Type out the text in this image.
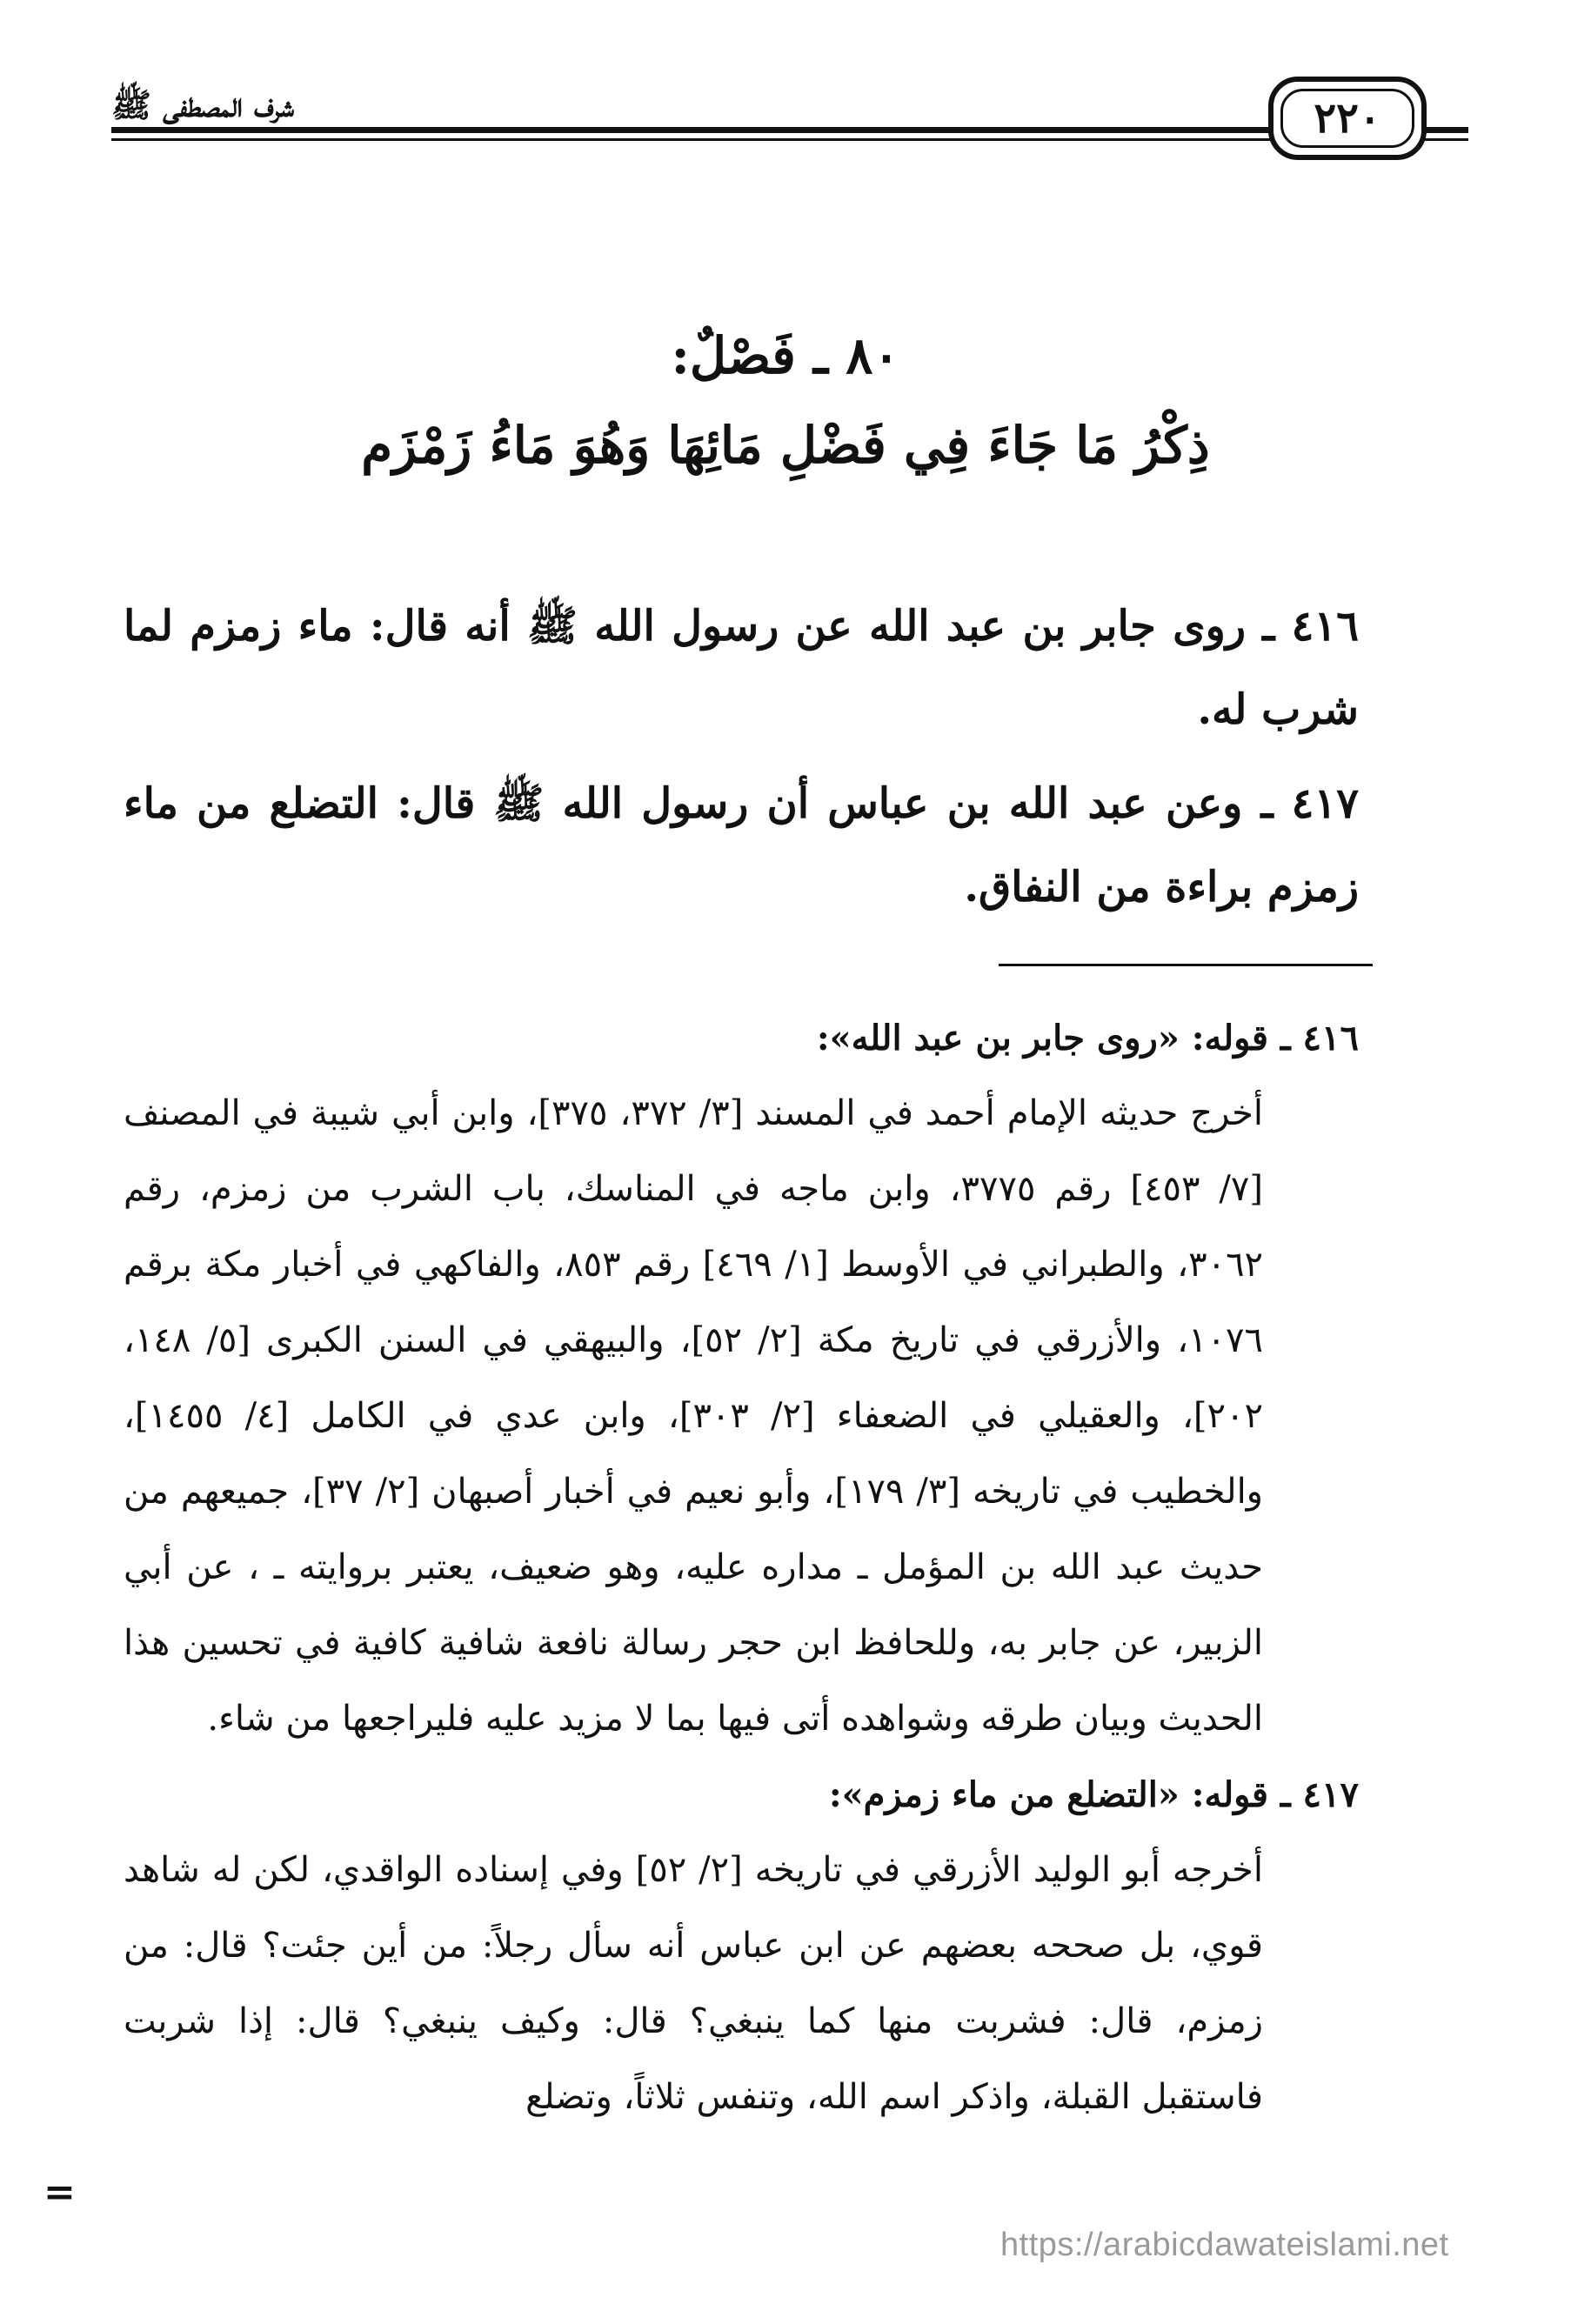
شرف المصطفى ﷺ	٢٢٠
٨٠ ـ فَصْلٌ:
ذِكْرُ مَا جَاءَ فِي فَضْلِ مَائِهَا وَهُوَ مَاءُ زَمْزَم

٤١٦ ـ روى جابر بن عبد الله عن رسول الله ﷺ أنه قال: ماء زمزم لما شرب له.

٤١٧ ـ وعن عبد الله بن عباس أن رسول الله ﷺ قال: التضلع من ماء زمزم براءة من النفاق.

٤١٦ ـ قوله: «روى جابر بن عبد الله»:

أخرج حديثه الإمام أحمد في المسند [٣/ ٣٧٢، ٣٧٥]، وابن أبي شيبة في المصنف [٧/ ٤٥٣] رقم ٣٧٧٥، وابن ماجه في المناسك، باب الشرب من زمزم، رقم ٣٠٦٢، والطبراني في الأوسط [١/ ٤٦٩] رقم ٨٥٣، والفاكهي في أخبار مكة برقم ١٠٧٦، والأزرقي في تاريخ مكة [٢/ ٥٢]، والبيهقي في السنن الكبرى [٥/ ١٤٨، ٢٠٢]، والعقيلي في الضعفاء [٢/ ٣٠٣]، وابن عدي في الكامل [٤/ ١٤٥٥]، والخطيب في تاريخه [٣/ ١٧٩]، وأبو نعيم في أخبار أصبهان [٢/ ٣٧]، جميعهم من حديث عبد الله بن المؤمل ـ مداره عليه، وهو ضعيف، يعتبر بروايته ـ ، عن أبي الزبير، عن جابر به، وللحافظ ابن حجر رسالة نافعة شافية كافية في تحسين هذا الحديث وبيان طرقه وشواهده أتى فيها بما لا مزيد عليه فليراجعها من شاء.

٤١٧ ـ قوله: «التضلع من ماء زمزم»:

أخرجه أبو الوليد الأزرقي في تاريخه [٢/ ٥٢] وفي إسناده الواقدي، لكن له شاهد قوي، بل صححه بعضهم عن ابن عباس أنه سأل رجلاً: من أين جئت؟ قال: من زمزم، قال: فشربت منها كما ينبغي؟ قال: وكيف ينبغي؟ قال: إذا شربت فاستقبل القبلة، واذكر اسم الله، وتنفس ثلاثاً، وتضلع

=
https://arabicdawateislami.net
